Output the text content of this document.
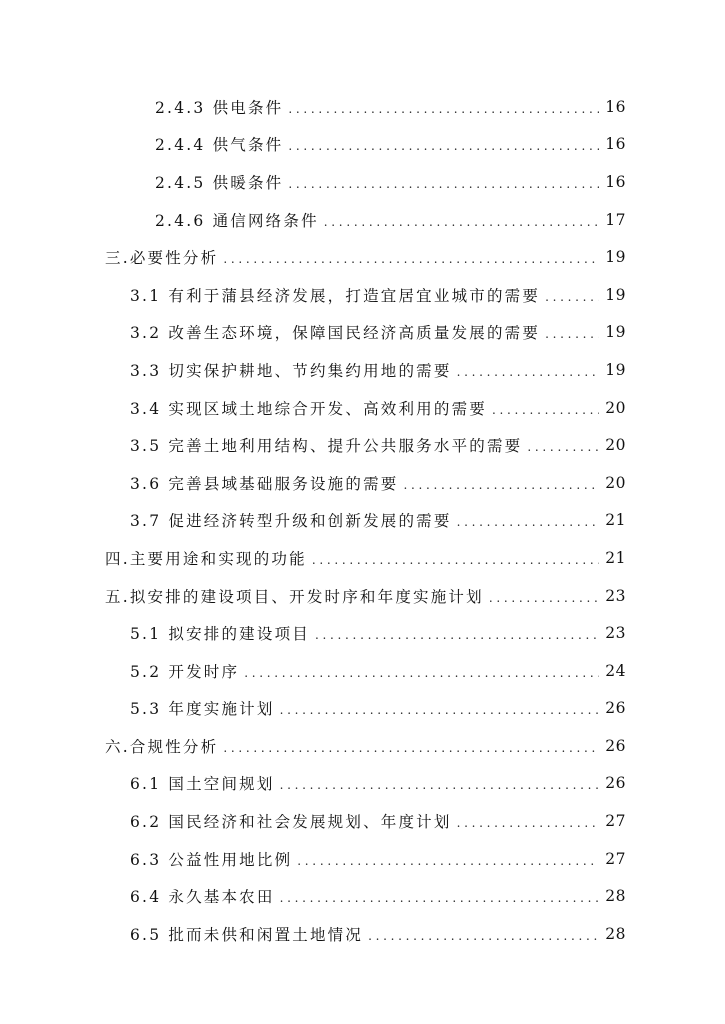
2.4.3 供电条件 .....	16
2.4.4 供气条件 .....	16
2.4.5 供暖条件 .....	16
2.4.6 通信网络条件 .....	17
三.必要性分析 .....	19
3.1 有利于蒲县经济发展，打造宜居宜业城市的需要 .....	19
3.2 改善生态环境，保障国民经济高质量发展的需要 .....	19
3.3 切实保护耕地、节约集约用地的需要 .....	19
3.4 实现区域土地综合开发、高效利用的需要 .....	20
3.5 完善土地利用结构、提升公共服务水平的需要 .....	20
3.6 完善县域基础服务设施的需要 .....	20
3.7 促进经济转型升级和创新发展的需要 .....	21
四.主要用途和实现的功能 .....	21
五.拟安排的建设项目、开发时序和年度实施计划 .....	23
5.1 拟安排的建设项目 .....	23
5.2 开发时序 .....	24
5.3 年度实施计划 .....	26
六.合规性分析 .....	26
6.1 国土空间规划 .....	26
6.2 国民经济和社会发展规划、年度计划 .....	27
6.3 公益性用地比例 .....	27
6.4 永久基本农田 .....	28
6.5 批而未供和闲置土地情况 .....	28
